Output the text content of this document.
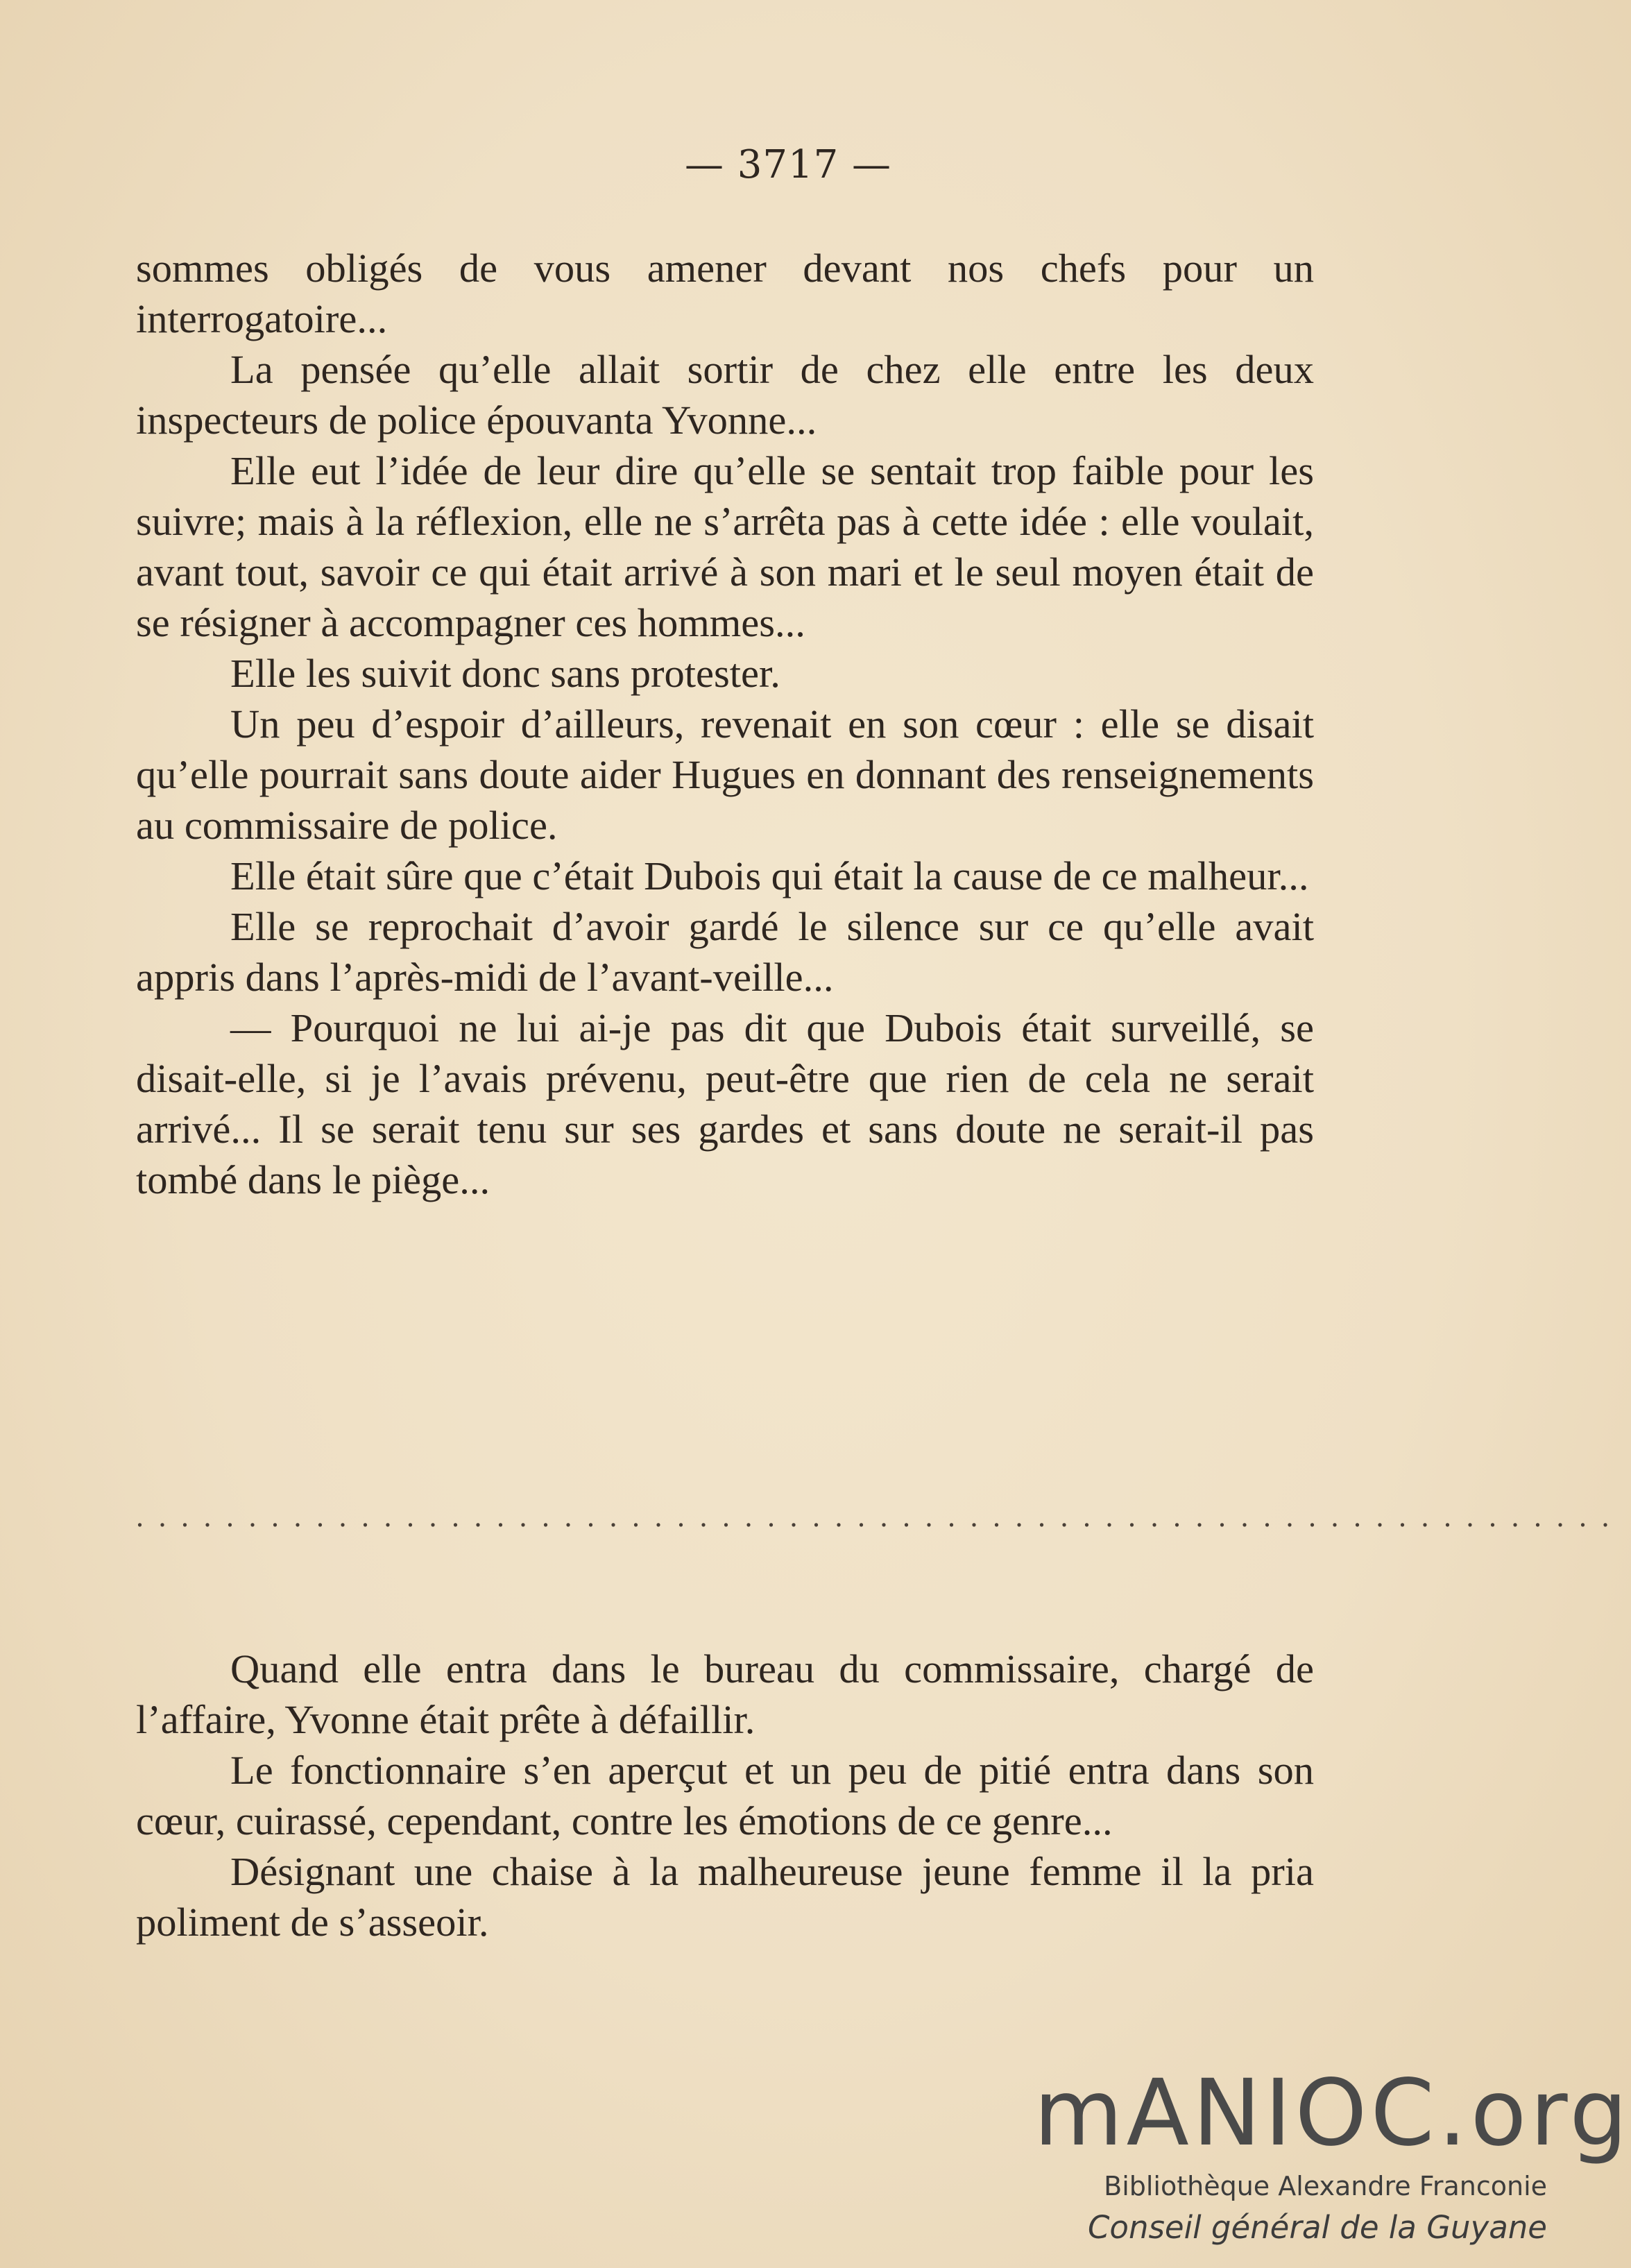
— 3717 —

sommes obligés de vous amener devant nos chefs pour un interrogatoire...

La pensée qu’elle allait sortir de chez elle entre les deux inspecteurs de police épouvanta Yvonne...

Elle eut l’idée de leur dire qu’elle se sentait trop faible pour les suivre; mais à la réflexion, elle ne s’arrêta pas à cette idée : elle voulait, avant tout, savoir ce qui était arrivé à son mari et le seul moyen était de se résigner à accompagner ces hommes...

Elle les suivit donc sans protester.

Un peu d’espoir d’ailleurs, revenait en son cœur : elle se disait qu’elle pourrait sans doute aider Hugues en donnant des renseignements au commissaire de police.

Elle était sûre que c’était Dubois qui était la cause de ce malheur...

Elle se reprochait d’avoir gardé le silence sur ce qu’elle avait appris dans l’après-midi de l’avant-veille...

— Pourquoi ne lui ai-je pas dit que Dubois était surveillé, se disait-elle, si je l’avais prévenu, peut-être que rien de cela ne serait arrivé... Il se serait tenu sur ses gardes et sans doute ne serait-il pas tombé dans le piège...

..................................................................

Quand elle entra dans le bureau du commissaire, chargé de l’affaire, Yvonne était prête à défaillir.

Le fonctionnaire s’en aperçut et un peu de pitié entra dans son cœur, cuirassé, cependant, contre les émotions de ce genre...

Désignant une chaise à la malheureuse jeune femme il la pria poliment de s’asseoir.

mANIOC.org
Bibliothèque Alexandre Franconie
Conseil général de la Guyane
